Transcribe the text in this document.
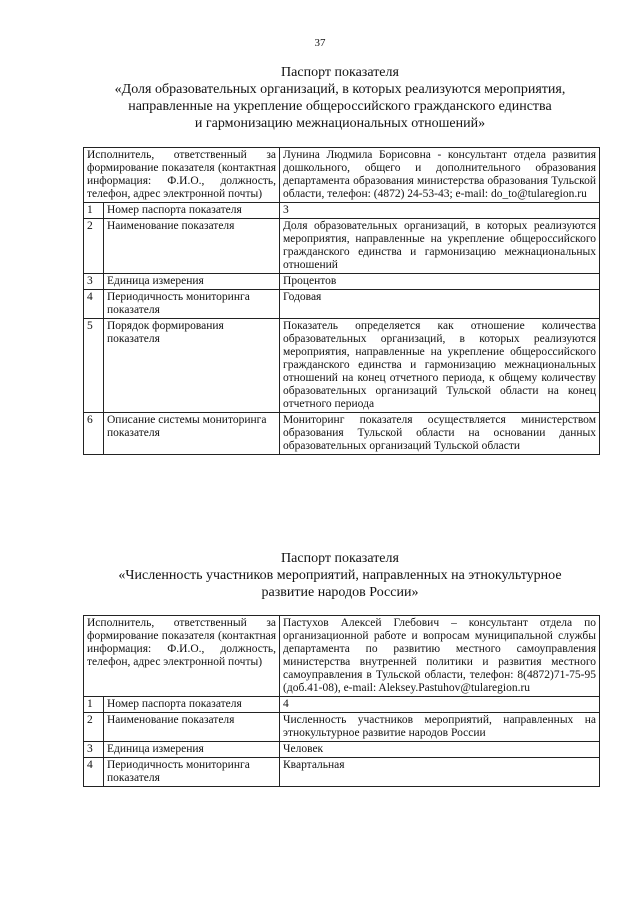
37
Паспорт показателя
«Доля образовательных организаций, в которых реализуются мероприятия,
направленные на укрепление общероссийского гражданского единства
и гармонизацию межнациональных отношений»
Исполнитель, ответственный за формирование показателя (контактная информация: Ф.И.О., должность, телефон, адрес электронной почты)		Лунина Людмила Борисовна - консультант отдела развития дошкольного, общего и дополнительного образования департамента образования министерства образования Тульской области, телефон: (4872) 24-53-43; e-mail: do_to@tularegion.ru
1	Номер паспорта показателя	3
2	Наименование показателя	Доля образовательных организаций, в которых реализуются мероприятия, направленные на укрепление общероссийского гражданского единства и гармонизацию межнациональных отношений
3	Единица измерения	Процентов
4	Периодичность мониторинга показателя	Годовая
5	Порядок формирования показателя	Показатель определяется как отношение количества образовательных организаций, в которых реализуются мероприятия, направленные на укрепление общероссийского гражданского единства и гармонизацию межнациональных отношений на конец отчетного периода, к общему количеству образовательных организаций Тульской области на конец отчетного периода
6	Описание системы мониторинга показателя	Мониторинг показателя осуществляется министерством образования Тульской области на основании данных образовательных организаций Тульской области
Паспорт показателя
«Численность участников мероприятий, направленных на этнокультурное
развитие народов России»
Исполнитель, ответственный за формирование показателя (контактная информация: Ф.И.О., должность, телефон, адрес электронной почты)		Пастухов Алексей Глебович – консультант отдела по организационной работе и вопросам муниципальной службы департамента по развитию местного самоуправления министерства внутренней политики и развития местного самоуправления в Тульской области, телефон: 8(4872)71-75-95 (доб.41-08), e-mail: Aleksey.Pastuhov@tularegion.ru
1	Номер паспорта показателя	4
2	Наименование показателя	Численность участников мероприятий, направленных на этнокультурное развитие народов России
3	Единица измерения	Человек
4	Периодичность мониторинга показателя	Квартальная
